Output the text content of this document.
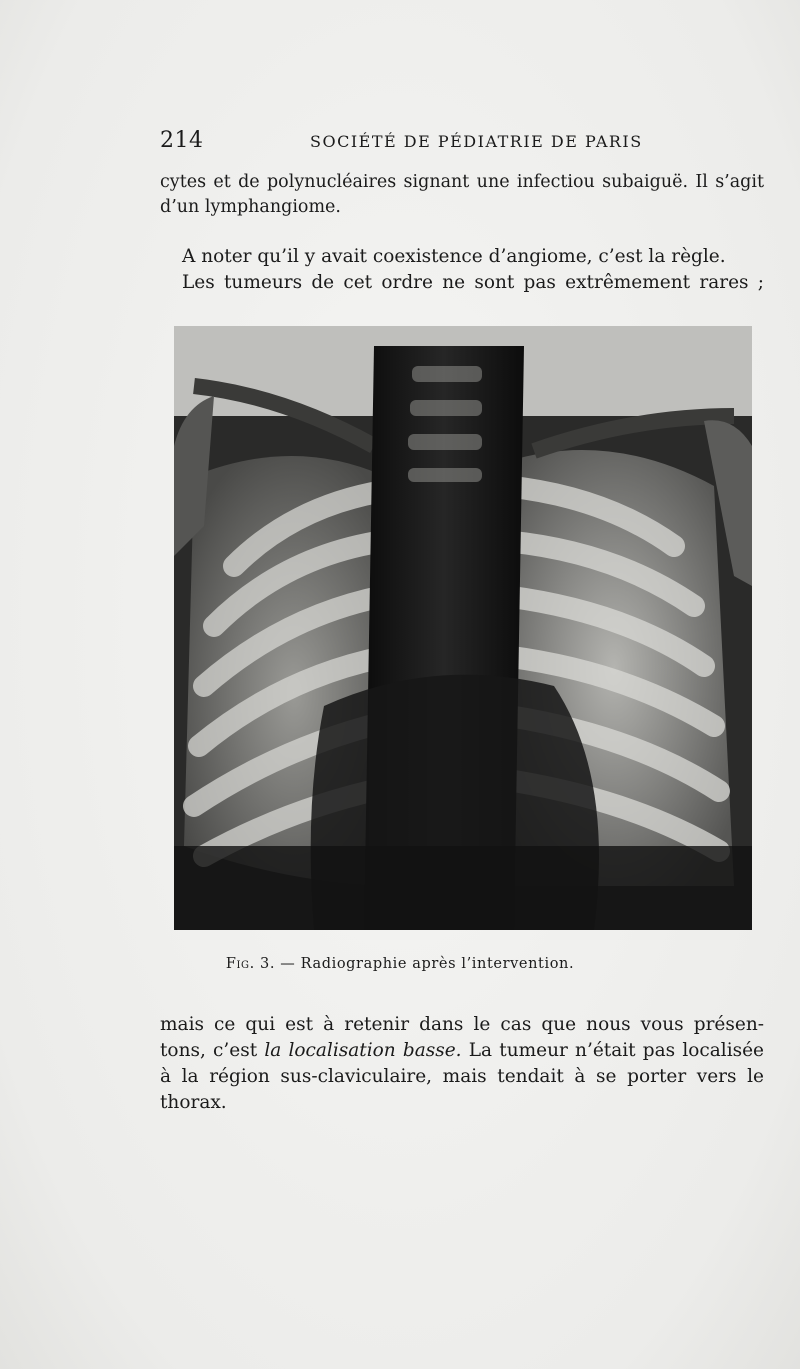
214	SOCIÉTÉ DE PÉDIATRIE DE PARIS
cytes et de polynucléaires signant une infectiou subaiguë. Il s’agit
d’un lymphangiome.
A noter qu’il y avait coexistence d’angiome, c’est la règle.
Les tumeurs de cet ordre ne sont pas extrêmement rares ;
Fig. 3. — Radiographie après l’intervention.
mais ce qui est à retenir dans le cas que nous vous présen-
tons, c’est la localisation basse. La tumeur n’était pas localisée
à la région sus-claviculaire, mais tendait à se porter vers le
thorax.
